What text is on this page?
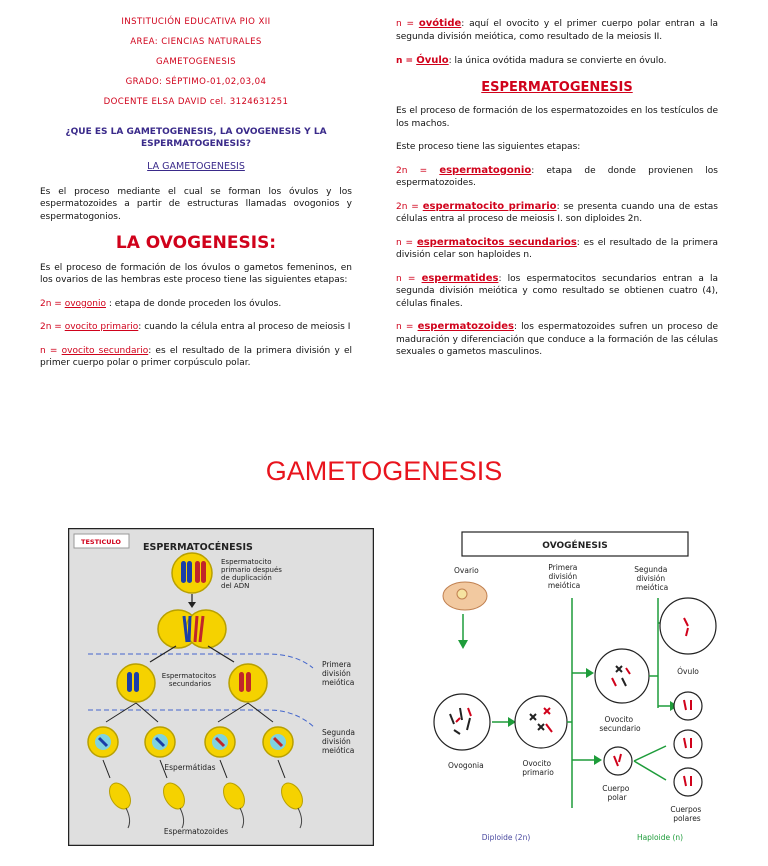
INSTITUCIÓN EDUCATIVA PIO XII
AREA: CIENCIAS NATURALES
GAMETOGENESIS
GRADO: SÉPTIMO-01,02,03,04
DOCENTE ELSA DAVID cel. 3124631251
¿QUE ES LA GAMETOGENESIS, LA OVOGENESIS Y LA ESPERMATOGENESIS?
LA GAMETOGENESIS
Es el proceso mediante el cual se forman los óvulos y los espermatozoides a partir de estructuras llamadas ovogonios y espermatogonios.
LA OVOGENESIS:
Es el proceso de formación de los óvulos o gametos femeninos, en los ovarios de las hembras este proceso tiene las siguientes etapas:
2n = ovogonio : etapa de donde proceden los óvulos.
2n = ovocito primario: cuando la célula entra al proceso de meiosis I
n = ovocito secundario: es el resultado de la primera división y el primer cuerpo polar o primer corpúsculo polar.
n = ovótide: aquí el ovocito y el primer cuerpo polar entran a la segunda división meiótica, como resultado de la meiosis II.
n = Óvulo: la única ovótida madura se convierte en óvulo.
ESPERMATOGENESIS
Es el proceso de formación de los espermatozoides en los testículos de los machos.
Este proceso tiene las siguientes etapas:
2n = espermatogonio: etapa de donde provienen los espermatozoides.
2n = espermatocito primario: se presenta cuando una de estas células entra al proceso de meiosis I. son diploides 2n.
n = espermatocitos secundarios: es el resultado de la primera división celar son haploides n.
n = espermatides: los espermatocitos secundarios entran a la segunda división meiótica y como resultado se obtienen cuatro (4), células finales.
n = espermatozoides: los espermatozoides sufren un proceso de maduración y diferenciación que conduce a la formación de las células sexuales o gametos masculinos.
GAMETOGENESIS
TESTICULO ESPERMATOCÉNESIS
Espermatocito primario después de duplicación del ADN
Primera división meiótica
Espermatocitos secundarios
Segunda división meiótica
Espermátidas
Espermatozoides
OVOGÉNESIS
Ovario	Primera división meiótica
Segunda división meiótica
Ovogonia	Ovocito primario
Ovocito secundario
Cuerpo polar
Óvulo
Cuerpos polares
Diploide (2n)	Haploide (n)
